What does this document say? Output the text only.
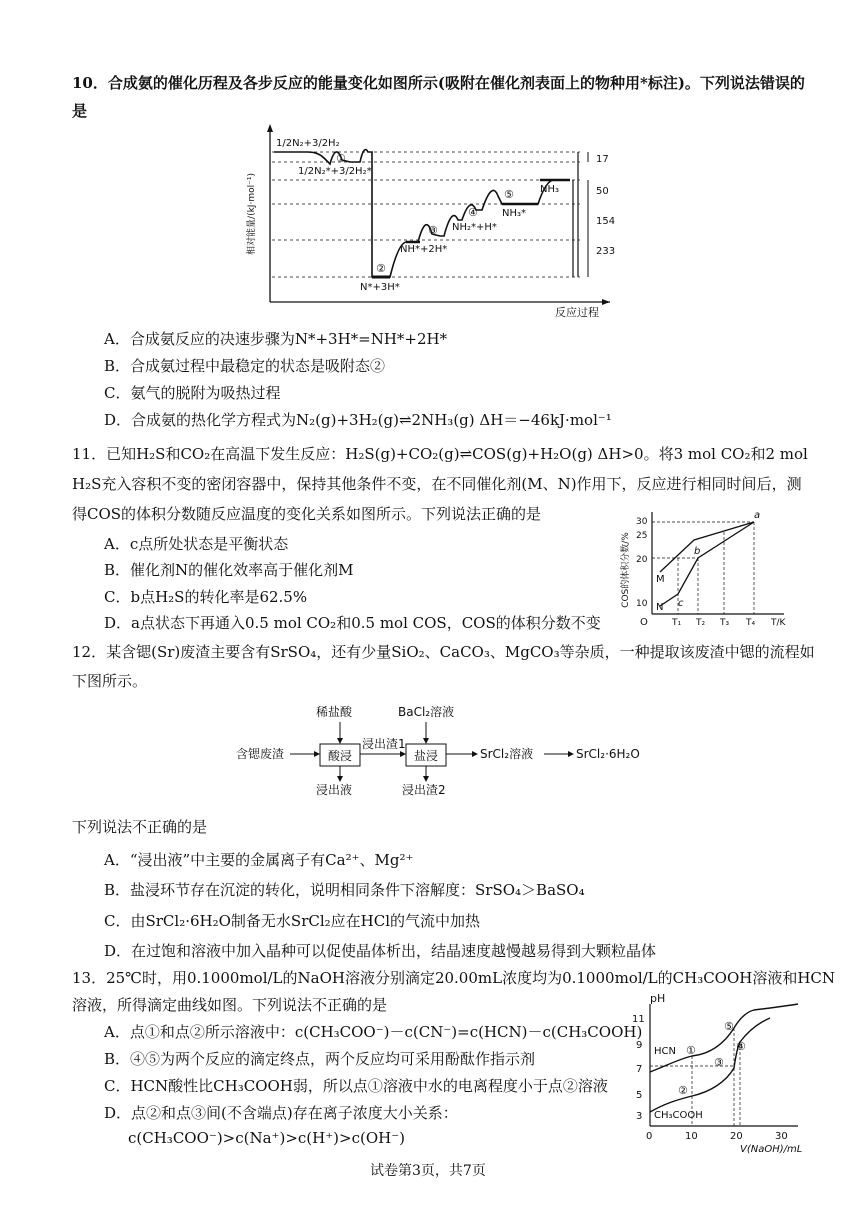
10．合成氨的催化历程及各步反应的能量变化如图所示(吸附在催化剂表面上的物种用*标注)。下列说法错误的
是
相对能量/(kJ·mol⁻¹)
反应过程
17
50
154
233
1/2N₂+3/2H₂
1/2N₂*+3/2H₂*
N*+3H*
NH*+2H*
NH₂*+H*
NH₃*
NH₃
①
②
③
④
⑤
A．合成氨反应的决速步骤为N*+3H*=NH*+2H*
B．合成氨过程中最稳定的状态是吸附态②
C．氨气的脱附为吸热过程
D．合成氨的热化学方程式为N₂(g)+3H₂(g)⇌2NH₃(g) ΔH＝−46kJ·mol⁻¹
11．已知H₂S和CO₂在高温下发生反应：H₂S(g)+CO₂(g)⇌COS(g)+H₂O(g) ΔH>0。将3 mol CO₂和2 mol
H₂S充入容积不变的密闭容器中，保持其他条件不变，在不同催化剂(M、N)作用下，反应进行相同时间后，测
得COS的体积分数随反应温度的变化关系如图所示。下列说法正确的是
A．c点所处状态是平衡状态
B．催化剂N的催化效率高于催化剂M
C．b点H₂S的转化率是62.5%
D．a点状态下再通入0.5 mol CO₂和0.5 mol COS，COS的体积分数不变
COS的体积分数/%
O	T/K
10
20
25
30
T₁ T₂ T₃ T₄
M
N
a
b
c
12．某含锶(Sr)废渣主要含有SrSO₄，还有少量SiO₂、CaCO₃、MgCO₃等杂质，一种提取该废渣中锶的流程如
下图所示。
稀盐酸	BaCl₂溶液
含锶废渣	酸浸
浸出渣1
盐浸	SrCl₂溶液	SrCl₂·6H₂O
浸出液	浸出渣2
下列说法不正确的是
A．“浸出液”中主要的金属离子有Ca²⁺、Mg²⁺
B．盐浸环节存在沉淀的转化，说明相同条件下溶解度：SrSO₄＞BaSO₄
C．由SrCl₂·6H₂O制备无水SrCl₂应在HCl的气流中加热
D．在过饱和溶液中加入晶种可以促使晶体析出，结晶速度越慢越易得到大颗粒晶体
13．25℃时，用0.1000mol/L的NaOH溶液分别滴定20.00mL浓度均为0.1000mol/L的CH₃COOH溶液和HCN
溶液，所得滴定曲线如图。下列说法不正确的是
A．点①和点②所示溶液中：c(CH₃COO⁻)－c(CN⁻)=c(HCN)－c(CH₃COOH)
B．④⑤为两个反应的滴定终点，两个反应均可采用酚酞作指示剂
C．HCN酸性比CH₃COOH弱，所以点①溶液中水的电离程度小于点②溶液
D．点②和点③间(不含端点)存在离子浓度大小关系：
c(CH₃COO⁻)>c(Na⁺)>c(H⁺)>c(OH⁻)
pH
V(NaOH)/mL
3
5
7
9
11
0	10	20	30
HCN
CH₃COOH
①
②
③
④
⑤
试卷第3页，共7页
